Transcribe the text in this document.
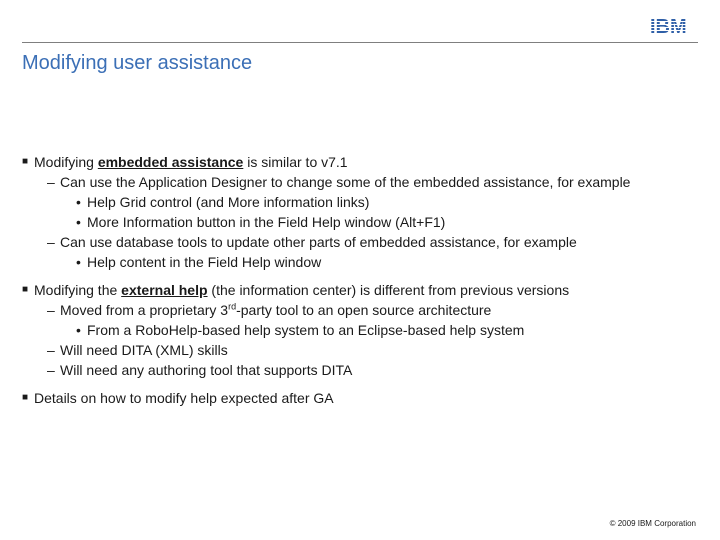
IBM
Modifying user assistance
■ Modifying embedded assistance is similar to v7.1
– Can use the Application Designer to change some of the embedded assistance, for example
• Help Grid control (and More information links)
• More Information button in the Field Help window (Alt+F1)
– Can use database tools to update other parts of embedded assistance, for example
• Help content in the Field Help window
■ Modifying the external help (the information center) is different from previous versions
– Moved from a proprietary 3rd-party tool to an open source architecture
• From a RoboHelp-based help system to an Eclipse-based help system
– Will need DITA (XML) skills
– Will need any authoring tool that supports DITA
■ Details on how to modify help expected after GA
© 2009 IBM Corporation
